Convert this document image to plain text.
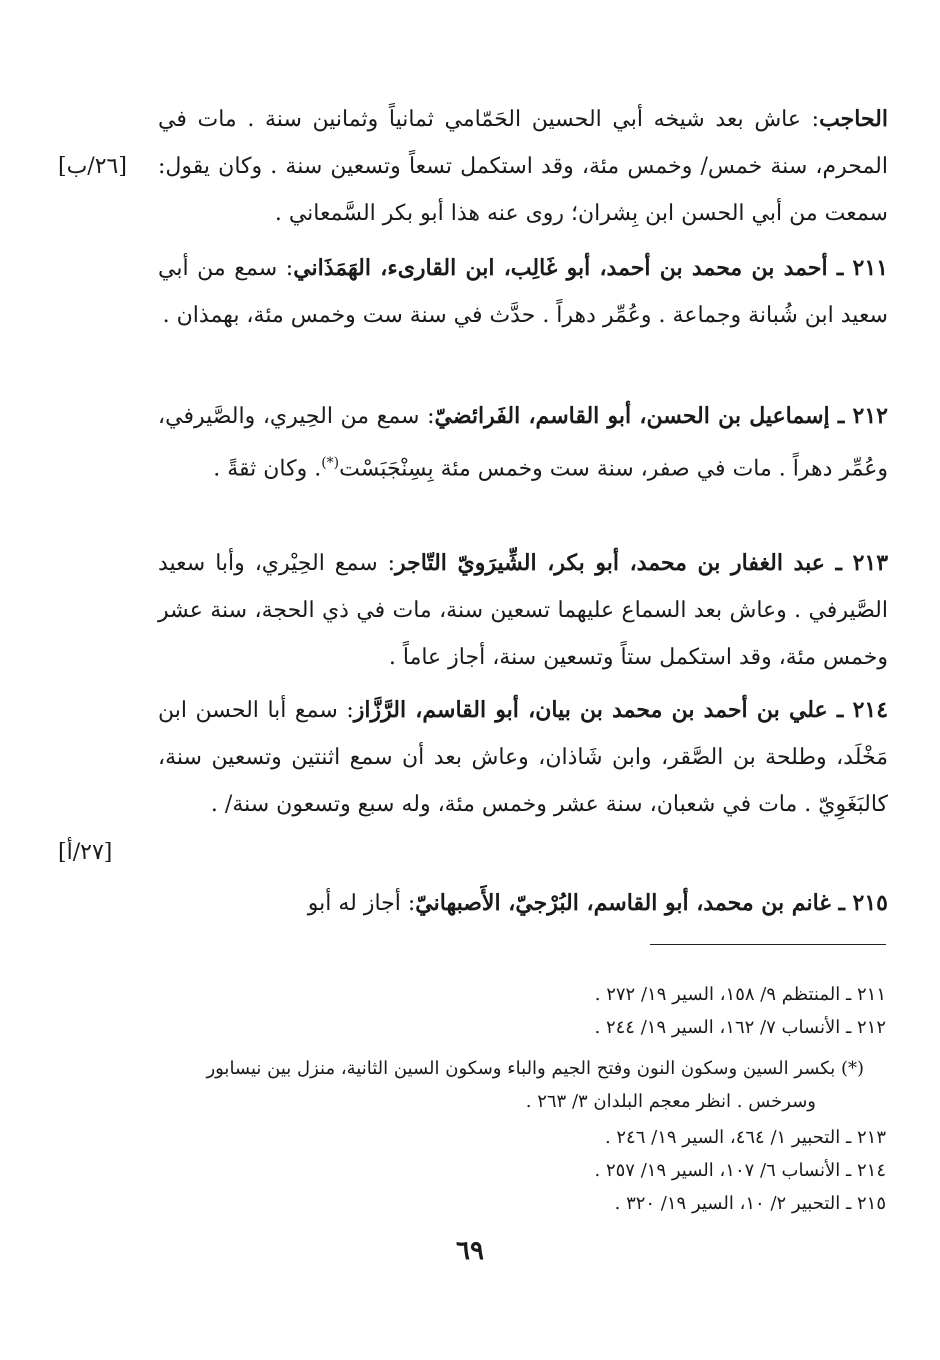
الحاجب: عاش بعد شيخه أبي الحسين الحَمّامي ثمانياً وثمانين سنة . مات في المحرم، سنة خمس/ وخمس مئة، وقد استكمل تسعاً وتسعين سنة . وكان يقول: سمعت من أبي الحسن ابن بِشران؛ روى عنه هذا أبو بكر السَّمعاني .

٢١١ ـ أحمد بن محمد بن أحمد، أبو غَالِب، ابن القارىء، الهَمَذَاني: سمع من أبي سعيد ابن شُبانة وجماعة . وعُمِّر دهراً . حدَّث في سنة ست وخمس مئة، بهمذان .

٢١٢ ـ إسماعيل بن الحسن، أبو القاسم، الفَرائضيّ: سمع من الحِيري، والصَّيرفي، وعُمِّر دهراً . مات في صفر، سنة ست وخمس مئة بِسِنْجَبَسْت(*). وكان ثقةً .

٢١٣ ـ عبد الغفار بن محمد، أبو بكر، الشِّيرَويّ التّاجر: سمع الحِيْري، وأبا سعيد الصَّيرفي . وعاش بعد السماع عليهما تسعين سنة، مات في ذي الحجة، سنة عشر وخمس مئة، وقد استكمل ستاً وتسعين سنة، أجاز عاماً .

٢١٤ ـ علي بن أحمد بن محمد بن بيان، أبو القاسم، الرَّزَّاز: سمع أبا الحسن ابن مَخْلَد، وطلحة بن الصَّقر، وابن شَاذان، وعاش بعد أن سمع اثنتين وتسعين سنة، كالبَغَوِيّ . مات في شعبان، سنة عشر وخمس مئة، وله سبع وتسعون سنة/ .

٢١٥ ـ غانم بن محمد، أبو القاسم، البُرْجيّ، الأَصبهانيّ: أجاز له أبو

[٢٦/ب]
[٢٧/أ]

٢١١ ـ المنتظم ٩/ ١٥٨، السير ١٩/ ٢٧٢ .

٢١٢ ـ الأنساب ٧/ ١٦٢، السير ١٩/ ٢٤٤ .

(*) بكسر السين وسكون النون وفتح الجيم والباء وسكون السين الثانية، منزل بين نيسابور

وسرخس . انظر معجم البلدان ٣/ ٢٦٣ .

٢١٣ ـ التحبير ١/ ٤٦٤، السير ١٩/ ٢٤٦ .

٢١٤ ـ الأنساب ٦/ ١٠٧، السير ١٩/ ٢٥٧ .

٢١٥ ـ التحبير ٢/ ١٠، السير ١٩/ ٣٢٠ .

٦٩
